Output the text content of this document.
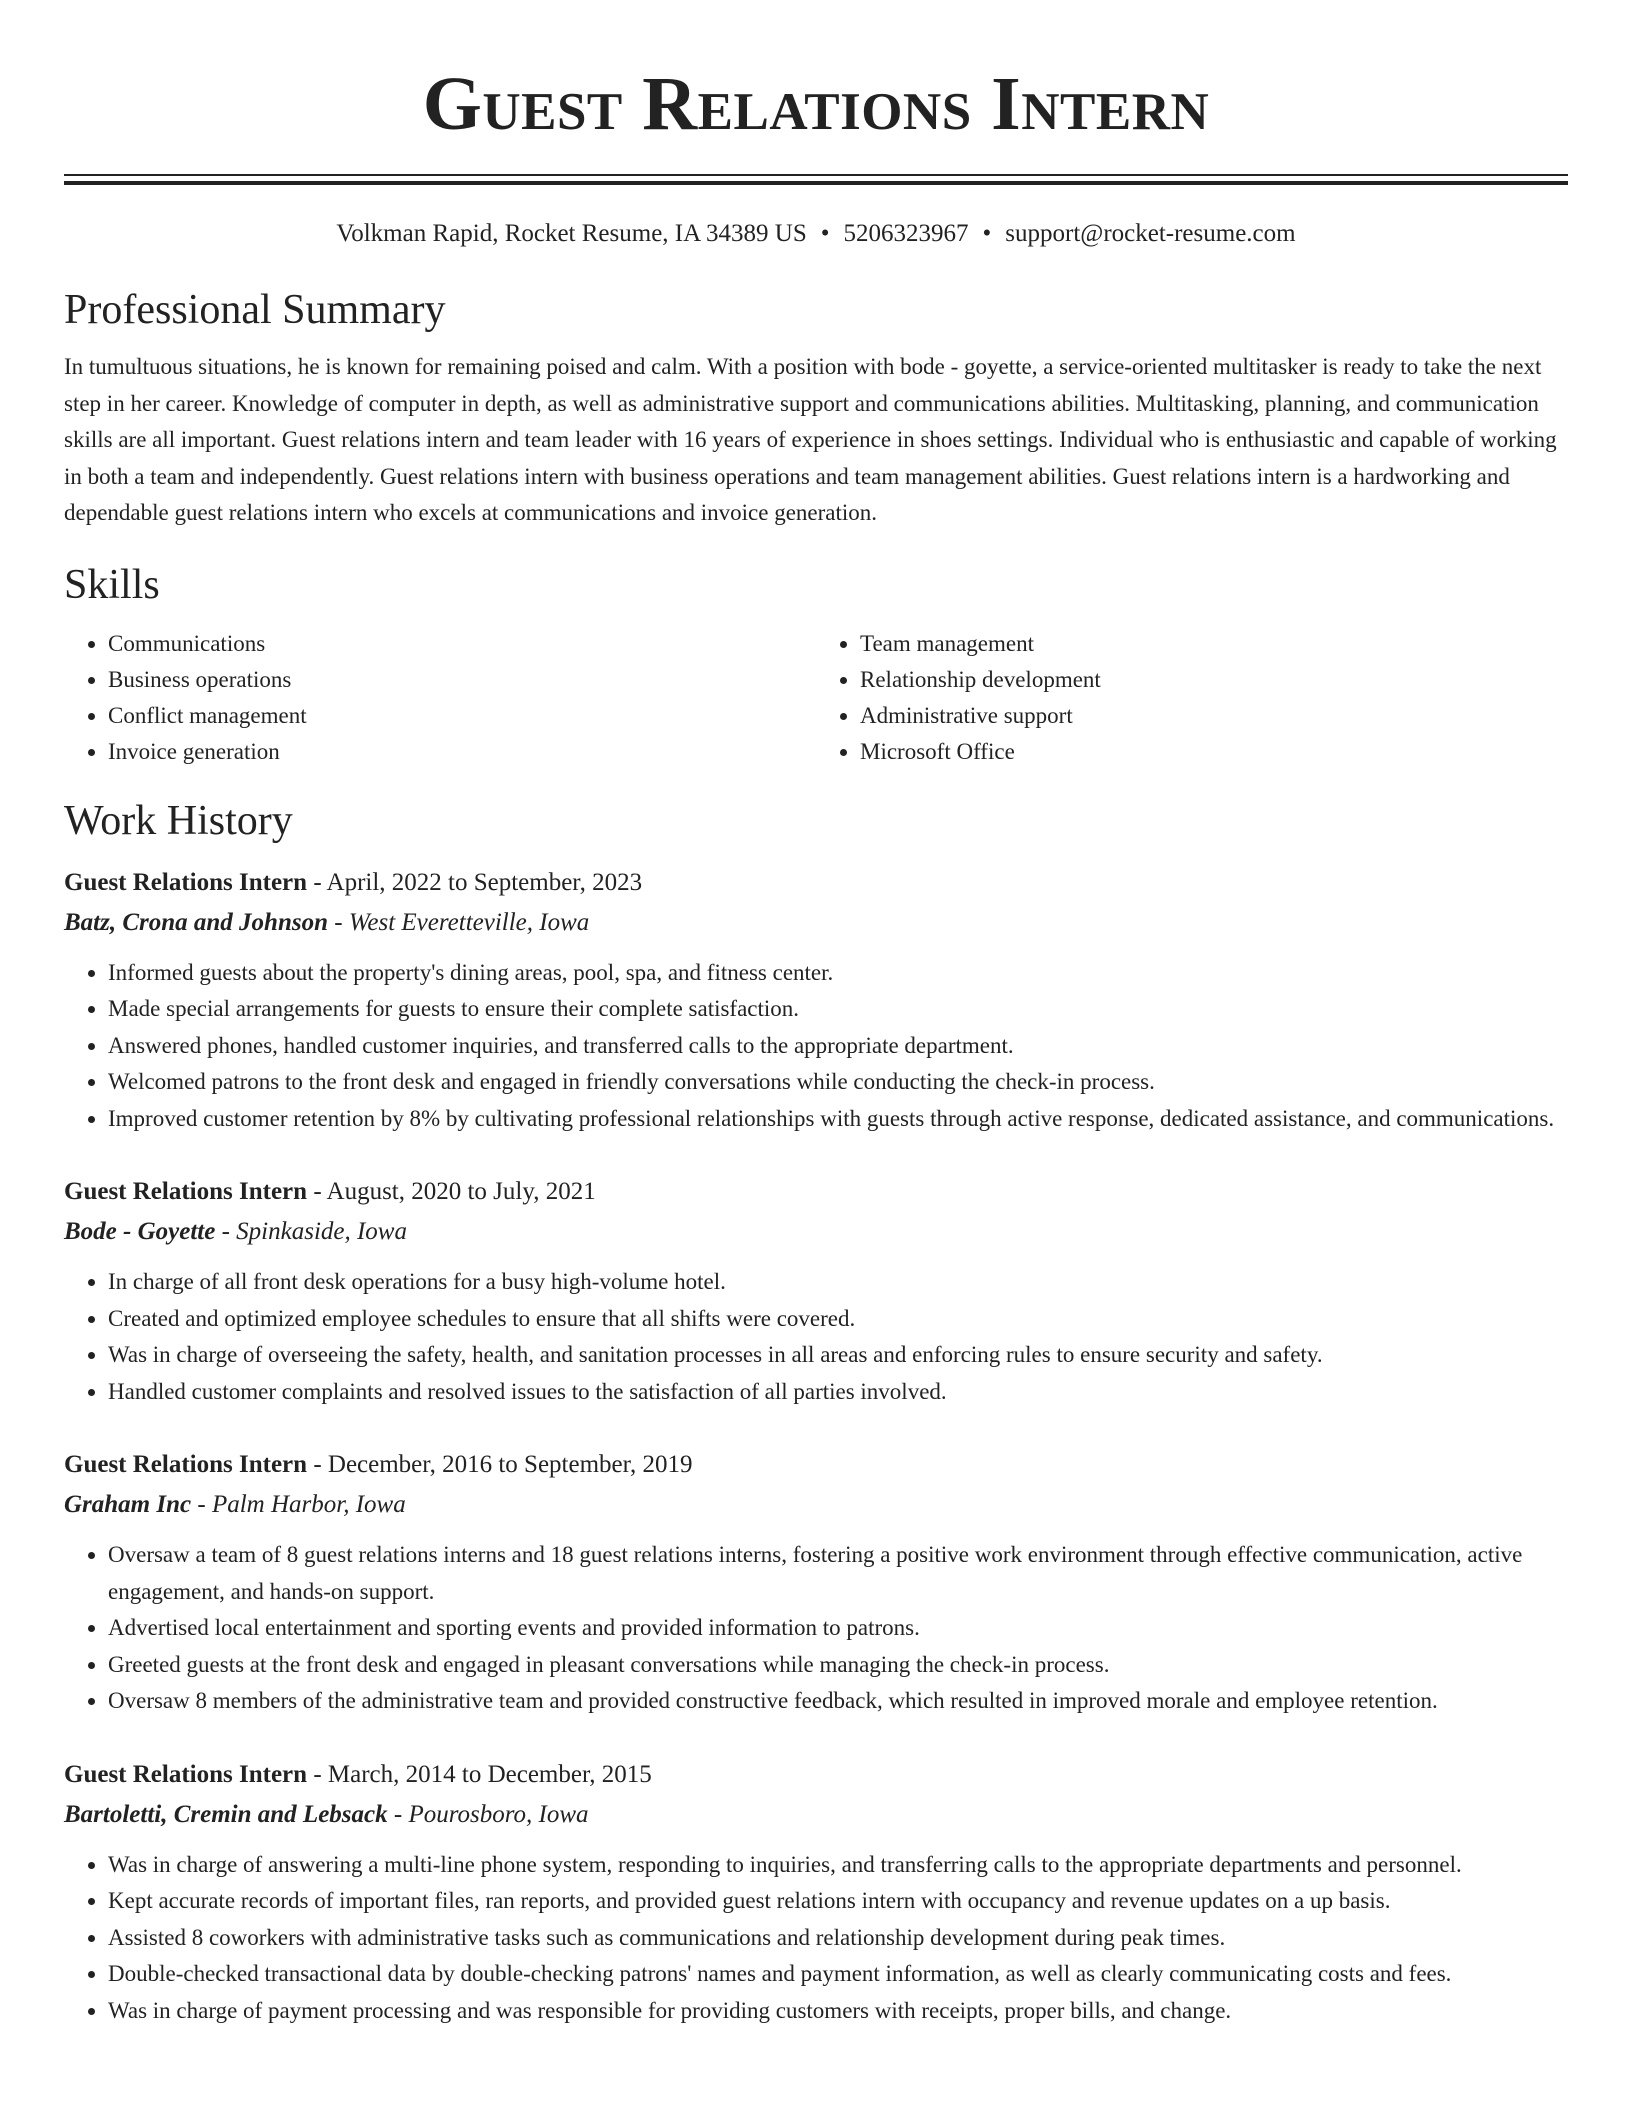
Guest Relations Intern
Volkman Rapid, Rocket Resume, IA 34389 US • 5206323967 • support@rocket-resume.com
Professional Summary
In tumultuous situations, he is known for remaining poised and calm. With a position with bode - goyette, a service-oriented multitasker is ready to take the next step in her career. Knowledge of computer in depth, as well as administrative support and communications abilities. Multitasking, planning, and communication skills are all important. Guest relations intern and team leader with 16 years of experience in shoes settings. Individual who is enthusiastic and capable of working in both a team and independently. Guest relations intern with business operations and team management abilities. Guest relations intern is a hardworking and dependable guest relations intern who excels at communications and invoice generation.
Skills
• Communications
• Business operations
• Conflict management
• Invoice generation
• Team management
• Relationship development
• Administrative support
• Microsoft Office
Work History
Guest Relations Intern - April, 2022 to September, 2023
Batz, Crona and Johnson - West Everetteville, Iowa
• Informed guests about the property's dining areas, pool, spa, and fitness center.
• Made special arrangements for guests to ensure their complete satisfaction.
• Answered phones, handled customer inquiries, and transferred calls to the appropriate department.
• Welcomed patrons to the front desk and engaged in friendly conversations while conducting the check-in process.
• Improved customer retention by 8% by cultivating professional relationships with guests through active response, dedicated assistance, and communications.
Guest Relations Intern - August, 2020 to July, 2021
Bode - Goyette - Spinkaside, Iowa
• In charge of all front desk operations for a busy high-volume hotel.
• Created and optimized employee schedules to ensure that all shifts were covered.
• Was in charge of overseeing the safety, health, and sanitation processes in all areas and enforcing rules to ensure security and safety.
• Handled customer complaints and resolved issues to the satisfaction of all parties involved.
Guest Relations Intern - December, 2016 to September, 2019
Graham Inc - Palm Harbor, Iowa
• Oversaw a team of 8 guest relations interns and 18 guest relations interns, fostering a positive work environment through effective communication, active engagement, and hands-on support.
• Advertised local entertainment and sporting events and provided information to patrons.
• Greeted guests at the front desk and engaged in pleasant conversations while managing the check-in process.
• Oversaw 8 members of the administrative team and provided constructive feedback, which resulted in improved morale and employee retention.
Guest Relations Intern - March, 2014 to December, 2015
Bartoletti, Cremin and Lebsack - Pourosboro, Iowa
• Was in charge of answering a multi-line phone system, responding to inquiries, and transferring calls to the appropriate departments and personnel.
• Kept accurate records of important files, ran reports, and provided guest relations intern with occupancy and revenue updates on a up basis.
• Assisted 8 coworkers with administrative tasks such as communications and relationship development during peak times.
• Double-checked transactional data by double-checking patrons' names and payment information, as well as clearly communicating costs and fees.
• Was in charge of payment processing and was responsible for providing customers with receipts, proper bills, and change.
